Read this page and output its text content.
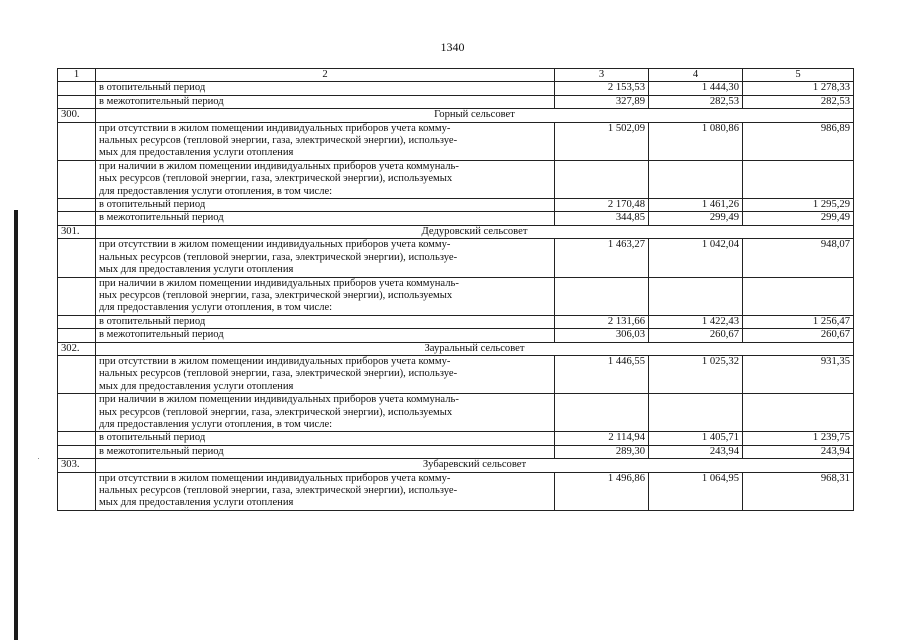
1340
1	2	3	4	5
	в отопительный период	2 153,53	1 444,30	1 278,33
	в межотопительный период	327,89	282,53	282,53
300.	Горный сельсовет			
	при отсутствии в жилом помещении индивидуальных приборов учета комму-
нальных ресурсов (тепловой энергии, газа, электрической энергии), используе-
мых для предоставления услуги отопления	1 502,09	1 080,86	986,89
	при наличии в жилом помещении индивидуальных приборов учета коммуналь-
ных ресурсов (тепловой энергии, газа, электрической энергии), используемых
для предоставления услуги отопления, в том числе:			
	в отопительный период	2 170,48	1 461,26	1 295,29
	в межотопительный период	344,85	299,49	299,49
301.	Дедуровский сельсовет			
	при отсутствии в жилом помещении индивидуальных приборов учета комму-
нальных ресурсов (тепловой энергии, газа, электрической энергии), используе-
мых для предоставления услуги отопления	1 463,27	1 042,04	948,07
	при наличии в жилом помещении индивидуальных приборов учета коммуналь-
ных ресурсов (тепловой энергии, газа, электрической энергии), используемых
для предоставления услуги отопления, в том числе:			
	в отопительный период	2 131,66	1 422,43	1 256,47
	в межотопительный период	306,03	260,67	260,67
302.	Зауральный сельсовет			
	при отсутствии в жилом помещении индивидуальных приборов учета комму-
нальных ресурсов (тепловой энергии, газа, электрической энергии), используе-
мых для предоставления услуги отопления	1 446,55	1 025,32	931,35
	при наличии в жилом помещении индивидуальных приборов учета коммуналь-
ных ресурсов (тепловой энергии, газа, электрической энергии), используемых
для предоставления услуги отопления, в том числе:			
	в отопительный период	2 114,94	1 405,71	1 239,75
	в межотопительный период	289,30	243,94	243,94
303.	Зубаревский сельсовет			
	при отсутствии в жилом помещении индивидуальных приборов учета комму-
нальных ресурсов (тепловой энергии, газа, электрической энергии), используе-
мых для предоставления услуги отопления	1 496,86	1 064,95	968,31
